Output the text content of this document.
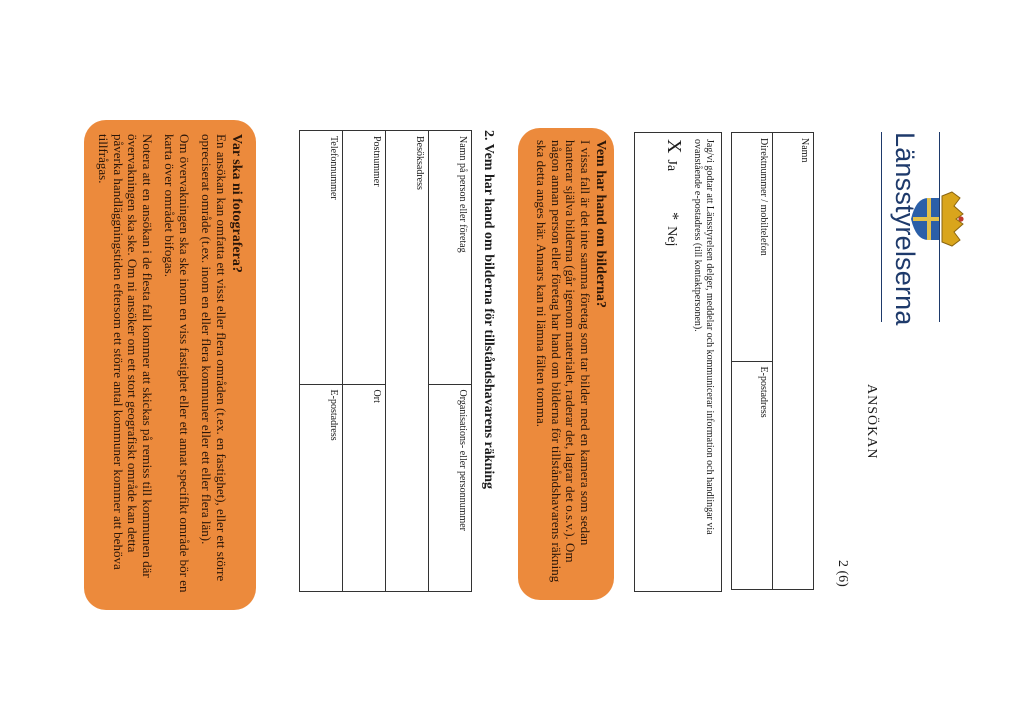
Länsstyrelserna
ANSÖKAN
2 (6)
Namn
Direktnummer / mobiltelefon	E-postadress
Jag/vi godtar att Länsstyrelsen delger, meddelar och kommunicerar information och handlingar via ovanstående e-postadress (till kontaktpersonen).
XJa *Nej
Vem har hand om bilderna?

I vissa fall är det inte samma företag som tar bilder med en kamera som sedan hanterar själva bilderna (går igenom materialet, raderar det, lagrar det o.s.v.). Om någon annan person eller företag har hand om bilderna för tillståndshavarens räkning ska detta anges här. Annars kan ni lämna fälten tomma.

2. Vem har hand om bilderna för tillståndshavarens räkning
Namn på person eller företag	Organisations- eller personnummer
Besöksadress	
Postnummer	Ort
Telefonnummer	E-postadress
Var ska ni fotografera?

En ansökan kan omfatta ett visst eller flera områden (t.ex. en fastighet), eller ett större opreciserat område (t.ex. inom en eller flera kommuner eller ett eller flera län).

Om övervakningen ska ske inom en viss fastighet eller ett annat specifikt område bör en karta över området bifogas.

Notera att en ansökan i de flesta fall kommer att skickas på remiss till kommunen där övervakningen ska ske. Om ni ansöker om ett stort geografiskt område kan detta påverka handläggningstiden eftersom ett större antal kommuner kommer att behöva tillfrågas.
